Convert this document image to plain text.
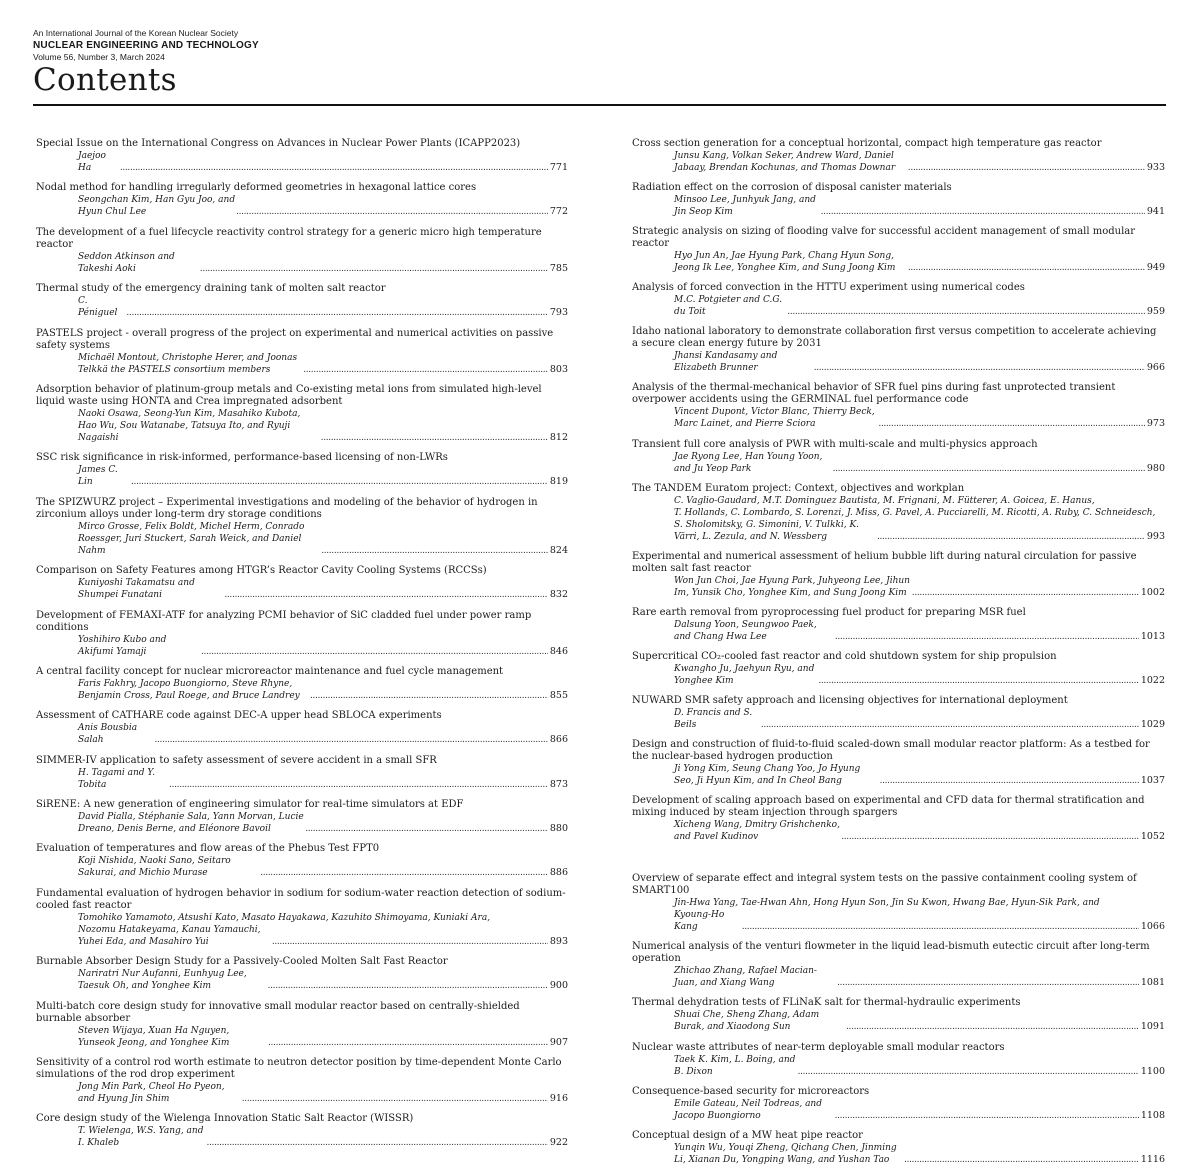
An International Journal of the Korean Nuclear Society
NUCLEAR ENGINEERING AND TECHNOLOGY
Volume 56, Number 3, March 2024
Contents
Special Issue on the International Congress on Advances in Nuclear Power Plants (ICAPP2023)
Jaejoo Ha . . .	771
Nodal method for handling irregularly deformed geometries in hexagonal lattice cores
Seongchan Kim, Han Gyu Joo, and Hyun Chul Lee . . .	772
The development of a fuel lifecycle reactivity control strategy for a generic micro high temperature reactor
Seddon Atkinson and Takeshi Aoki . . .	785
Thermal study of the emergency draining tank of molten salt reactor
C. Péniguel . . .	793
PASTELS project - overall progress of the project on experimental and numerical activities on passive safety systems
Michaël Montout, Christophe Herer, and Joonas Telkkä the PASTELS consortium members . . .	803
Adsorption behavior of platinum-group metals and Co-existing metal ions from simulated high-level liquid waste using HONTA and Crea impregnated adsorbent
Naoki Osawa, Seong-Yun Kim, Masahiko Kubota, Hao Wu, Sou Watanabe, Tatsuya Ito, and Ryuji Nagaishi . . .	812
SSC risk significance in risk-informed, performance-based licensing of non-LWRs
James C. Lin . . .	819
The SPIZWURZ project – Experimental investigations and modeling of the behavior of hydrogen in zirconium alloys under long-term dry storage conditions
Mirco Grosse, Felix Boldt, Michel Herm, Conrado Roessger, Juri Stuckert, Sarah Weick, and Daniel Nahm . . .	824
Comparison on Safety Features among HTGR’s Reactor Cavity Cooling Systems (RCCSs)
Kuniyoshi Takamatsu and Shumpei Funatani . . .	832
Development of FEMAXI-ATF for analyzing PCMI behavior of SiC cladded fuel under power ramp conditions
Yoshihiro Kubo and Akifumi Yamaji . . .	846
A central facility concept for nuclear microreactor maintenance and fuel cycle management
Faris Fakhry, Jacopo Buongiorno, Steve Rhyne, Benjamin Cross, Paul Roege, and Bruce Landrey . . .	855
Assessment of CATHARE code against DEC-A upper head SBLOCA experiments
Anis Bousbia Salah . . .	866
SIMMER-IV application to safety assessment of severe accident in a small SFR
H. Tagami and Y. Tobita . . .	873
SiRENE: A new generation of engineering simulator for real-time simulators at EDF
David Pialla, Stéphanie Sala, Yann Morvan, Lucie Dreano, Denis Berne, and Eléonore Bavoil . . .	880
Evaluation of temperatures and flow areas of the Phebus Test FPT0
Koji Nishida, Naoki Sano, Seitaro Sakurai, and Michio Murase . . .	886
Fundamental evaluation of hydrogen behavior in sodium for sodium-water reaction detection of sodium-cooled fast reactor
Tomohiko Yamamoto, Atsushi Kato, Masato Hayakawa, Kazuhito Shimoyama, Kuniaki Ara,
Nozomu Hatakeyama, Kanau Yamauchi, Yuhei Eda, and Masahiro Yui . . .	893
Burnable Absorber Design Study for a Passively-Cooled Molten Salt Fast Reactor
Nariratri Nur Aufanni, Eunhyug Lee, Taesuk Oh, and Yonghee Kim . . .	900
Multi-batch core design study for innovative small modular reactor based on centrally-shielded burnable absorber
Steven Wijaya, Xuan Ha Nguyen, Yunseok Jeong, and Yonghee Kim . . .	907
Sensitivity of a control rod worth estimate to neutron detector position by time-dependent Monte Carlo simulations of the rod drop experiment
Jong Min Park, Cheol Ho Pyeon, and Hyung Jin Shim . . .	916
Core design study of the Wielenga Innovation Static Salt Reactor (WISSR)
T. Wielenga, W.S. Yang, and I. Khaleb . . .	922
Cross section generation for a conceptual horizontal, compact high temperature gas reactor
Junsu Kang, Volkan Seker, Andrew Ward, Daniel Jabaay, Brendan Kochunas, and Thomas Downar . . .	933
Radiation effect on the corrosion of disposal canister materials
Minsoo Lee, Junhyuk Jang, and Jin Seop Kim . . .	941
Strategic analysis on sizing of flooding valve for successful accident management of small modular reactor
Hyo Jun An, Jae Hyung Park, Chang Hyun Song, Jeong Ik Lee, Yonghee Kim, and Sung Joong Kim . . .	949
Analysis of forced convection in the HTTU experiment using numerical codes
M.C. Potgieter and C.G. du Toit . . .	959
Idaho national laboratory to demonstrate collaboration first versus competition to accelerate achieving a secure clean energy future by 2031
Jhansi Kandasamy and Elizabeth Brunner . . .	966
Analysis of the thermal-mechanical behavior of SFR fuel pins during fast unprotected transient overpower accidents using the GERMINAL fuel performance code
Vincent Dupont, Victor Blanc, Thierry Beck, Marc Lainet, and Pierre Sciora . . .	973
Transient full core analysis of PWR with multi-scale and multi-physics approach
Jae Ryong Lee, Han Young Yoon, and Ju Yeop Park . . .	980
The TANDEM Euratom project: Context, objectives and workplan
C. Vaglio-Gaudard, M.T. Dominguez Bautista, M. Frignani, M. Fütterer, A. Goicea, E. Hanus,
T. Hollands, C. Lombardo, S. Lorenzi, J. Miss, G. Pavel, A. Pucciarelli, M. Ricotti, A. Ruby, C. Schneidesch,
S. Sholomitsky, G. Simonini, V. Tulkki, K. Värri, L. Zezula, and N. Wessberg . . .	993
Experimental and numerical assessment of helium bubble lift during natural circulation for passive molten salt fast reactor
Won Jun Choi, Jae Hyung Park, Juhyeong Lee, Jihun Im, Yunsik Cho, Yonghee Kim, and Sung Joong Kim . . .	1002
Rare earth removal from pyroprocessing fuel product for preparing MSR fuel
Dalsung Yoon, Seungwoo Paek, and Chang Hwa Lee . . .	1013
Supercritical CO₂-cooled fast reactor and cold shutdown system for ship propulsion
Kwangho Ju, Jaehyun Ryu, and Yonghee Kim . . .	1022
NUWARD SMR safety approach and licensing objectives for international deployment
D. Francis and S. Beils . . .	1029
Design and construction of fluid-to-fluid scaled-down small modular reactor platform: As a testbed for the nuclear-based hydrogen production
Ji Yong Kim, Seung Chang Yoo, Jo Hyung Seo, Ji Hyun Kim, and In Cheol Bang . . .	1037
Development of scaling approach based on experimental and CFD data for thermal stratification and mixing induced by steam injection through spargers
Xicheng Wang, Dmitry Grishchenko, and Pavel Kudinov . . .	1052
Overview of separate effect and integral system tests on the passive containment cooling system of SMART100
Jin-Hwa Yang, Tae-Hwan Ahn, Hong Hyun Son, Jin Su Kwon, Hwang Bae, Hyun-Sik Park, and
Kyoung-Ho Kang . . .	1066
Numerical analysis of the venturi flowmeter in the liquid lead-bismuth eutectic circuit after long-term operation
Zhichao Zhang, Rafael Macian-Juan, and Xiang Wang . . .	1081
Thermal dehydration tests of FLiNaK salt for thermal-hydraulic experiments
Shuai Che, Sheng Zhang, Adam Burak, and Xiaodong Sun . . .	1091
Nuclear waste attributes of near-term deployable small modular reactors
Taek K. Kim, L. Boing, and B. Dixon . . .	1100
Consequence-based security for microreactors
Emile Gateau, Neil Todreas, and Jacopo Buongiorno . . .	1108
Conceptual design of a MW heat pipe reactor
Yunqin Wu, Youqi Zheng, Qichang Chen, Jinming Li, Xianan Du, Yongping Wang, and Yushan Tao . . .	1116
